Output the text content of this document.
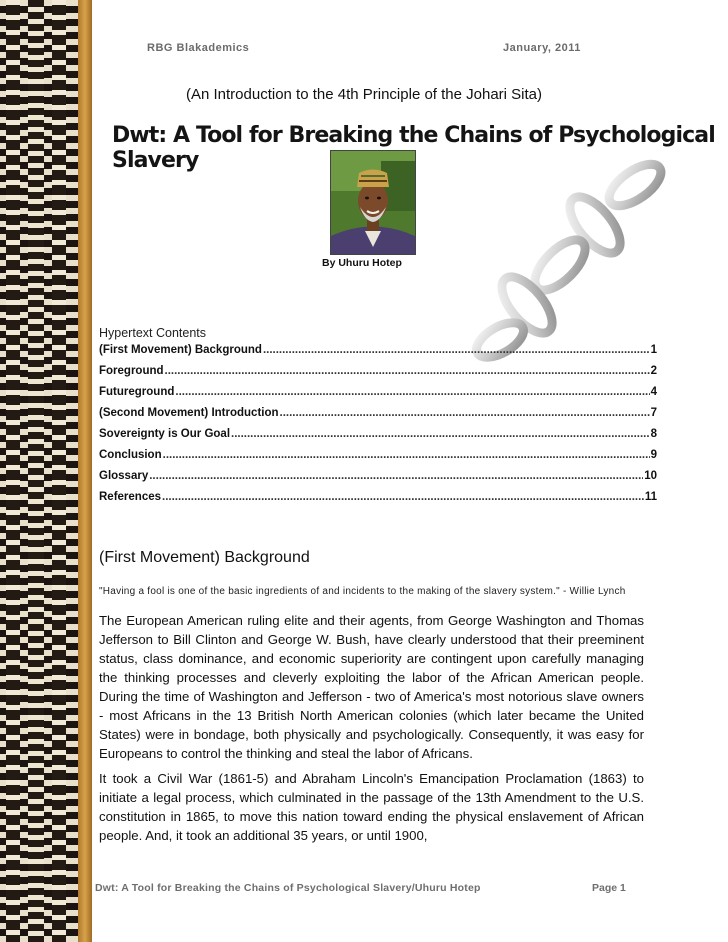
RBG Blakademics	January, 2011
(An Introduction to the 4th Principle of the Johari Sita)
Dwt: A Tool for Breaking the Chains of Psychological Slavery
By Uhuru Hotep
Hypertext Contents
(First Movement) Background .....	1
Foreground .....	2
Futureground .....	4
(Second Movement) Introduction .....	7
Sovereignty is Our Goal .....	8
Conclusion .....	9
Glossary .....	10
References .....	11
(First Movement) Background
"Having a fool is one of the basic ingredients of and incidents to the making of the slavery system." - Willie Lynch
The European American ruling elite and their agents, from George Washington and Thomas Jefferson to Bill Clinton and George W. Bush, have clearly understood that their preeminent status, class dominance, and economic superiority are contingent upon carefully managing the thinking processes and cleverly exploiting the labor of the African American people. During the time of Washington and Jefferson - two of America's most notorious slave owners - most Africans in the 13 British North American colonies (which later became the United States) were in bondage, both physically and psychologically. Consequently, it was easy for Europeans to control the thinking and steal the labor of Africans.
It took a Civil War (1861-5) and Abraham Lincoln's Emancipation Proclamation (1863) to initiate a legal process, which culminated in the passage of the 13th Amendment to the U.S. constitution in 1865, to move this nation toward ending the physical enslavement of African people. And, it took an additional 35 years, or until 1900,
Dwt: A Tool for Breaking the Chains of Psychological Slavery/Uhuru Hotep	Page 1
